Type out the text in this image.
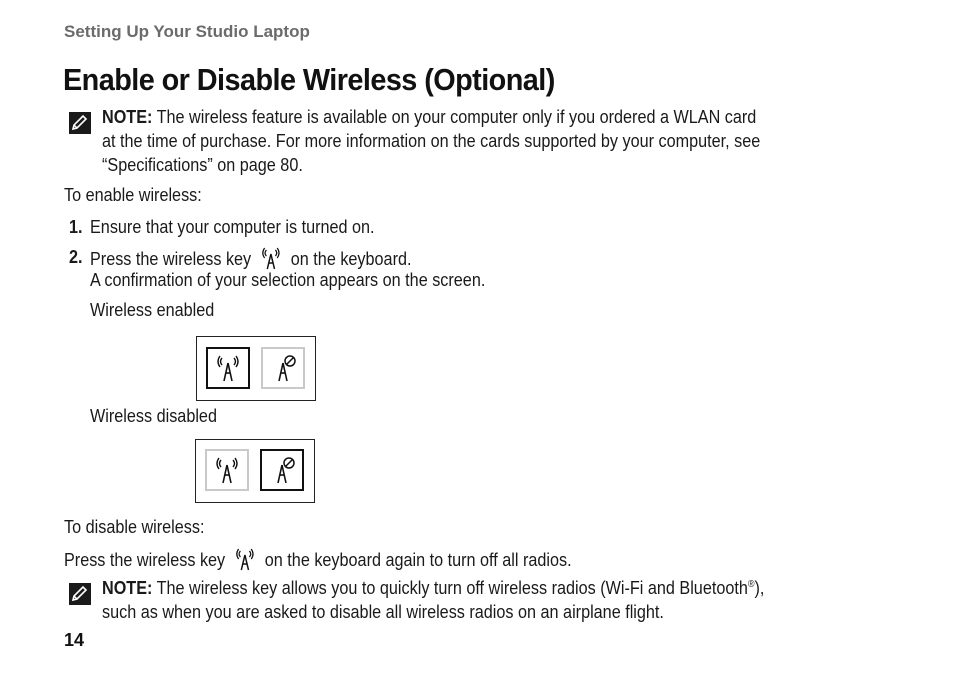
Setting Up Your Studio Laptop
Enable or Disable Wireless (Optional)
NOTE: The wireless feature is available on your computer only if you ordered a WLAN card
at the time of purchase. For more information on the cards supported by your computer, see
“Specifications” on page 80.
To enable wireless:
1. Ensure that your computer is turned on.
2. Press the wireless key on the keyboard.
A confirmation of your selection appears on the screen.
Wireless enabled
Wireless disabled
To disable wireless:
Press the wireless key on the keyboard again to turn off all radios.
NOTE: The wireless key allows you to quickly turn off wireless radios (Wi-Fi and Bluetooth®),
such as when you are asked to disable all wireless radios on an airplane flight.
14
